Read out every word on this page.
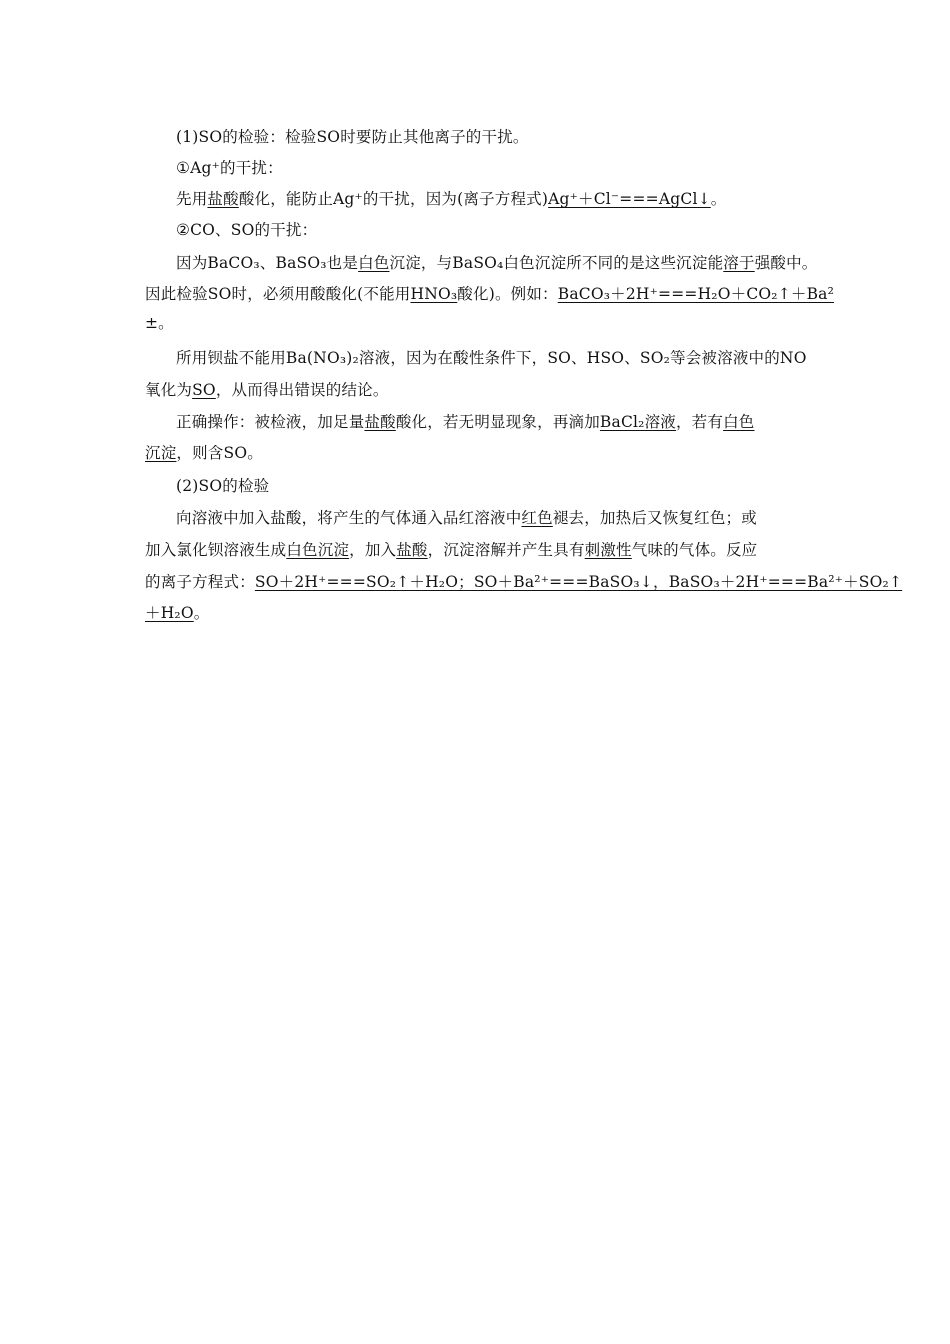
(1)SO的检验：检验SO时要防止其他离子的干扰。
①Ag⁺的干扰：
先用盐酸酸化，能防止Ag⁺的干扰，因为(离子方程式)Ag⁺＋Cl⁻===AgCl↓。
②CO、SO的干扰：
因为BaCO₃、BaSO₃也是白色沉淀，与BaSO₄白色沉淀所不同的是这些沉淀能溶于强酸中。
因此检验SO时，必须用酸酸化(不能用HNO₃酸化)。例如：BaCO₃＋2H⁺===H₂O＋CO₂↑＋Ba²
±。
所用钡盐不能用Ba(NO₃)₂溶液，因为在酸性条件下，SO、HSO、SO₂等会被溶液中的NO
氧化为SO，从而得出错误的结论。
正确操作：被检液，加足量盐酸酸化，若无明显现象，再滴加BaCl₂溶液，若有白色
沉淀，则含SO。
(2)SO的检验
向溶液中加入盐酸，将产生的气体通入品红溶液中红色褪去，加热后又恢复红色；或
加入氯化钡溶液生成白色沉淀，加入盐酸，沉淀溶解并产生具有刺激性气味的气体。反应
的离子方程式：SO＋2H⁺===SO₂↑＋H₂O；SO＋Ba²⁺===BaSO₃↓，BaSO₃＋2H⁺===Ba²⁺＋SO₂↑
＋H₂O。
